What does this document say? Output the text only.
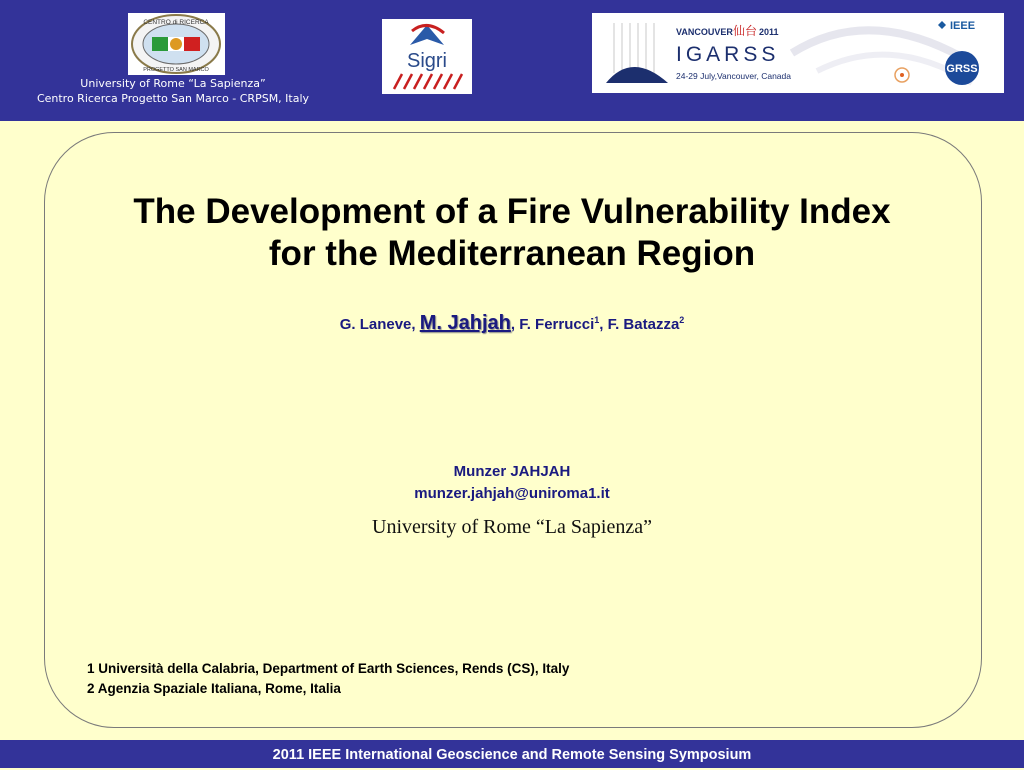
CENTRO di RICERCA
PROGETTO SAN MARCO	Sigri
VANCOUVER 仙台 2011
IGARSS
24-29 July,Vancouver, Canada
IEEE
GRSS
University of Rome “La Sapienza”
Centro Ricerca Progetto San Marco - CRPSM, Italy
The Development of a Fire Vulnerability Index
for the Mediterranean Region
G. Laneve, M. Jahjah, F. Ferrucci$^1$, F. Batazza$^2$
Munzer JAHJAH
munzer.jahjah@uniroma1.it
University of Rome “La Sapienza”
1 Università della Calabria, Department of Earth Sciences, Rends (CS), Italy
2 Agenzia Spaziale Italiana, Rome, Italia
2011 IEEE International Geoscience and Remote Sensing Symposium
